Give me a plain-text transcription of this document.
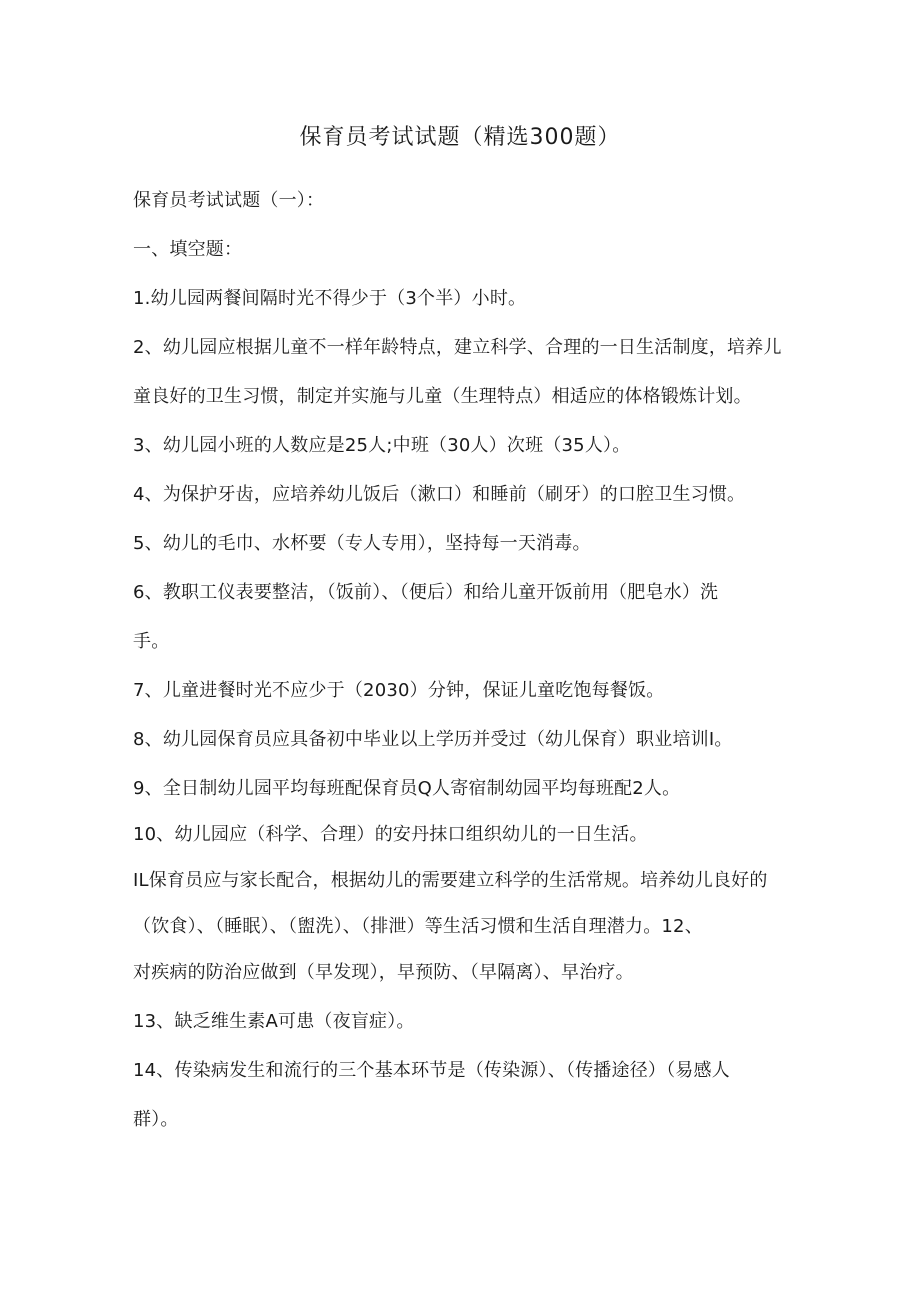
保育员考试试题（精选300题）
保育员考试试题（一）：
一、填空题：
1.幼儿园两餐间隔时光不得少于（3个半）小时。
2、幼儿园应根据儿童不一样年龄特点，建立科学、合理的一日生活制度，培养儿
童良好的卫生习惯，制定并实施与儿童（生理特点）相适应的体格锻炼计划。
3、幼儿园小班的人数应是25人;中班（30人）次班（35人）。
4、为保护牙齿，应培养幼儿饭后（漱口）和睡前（刷牙）的口腔卫生习惯。
5、幼儿的毛巾、水杯要（专人专用），坚持每一天消毒。
6、教职工仪表要整洁，（饭前）、（便后）和给儿童开饭前用（肥皂水）洗
手。
7、儿童进餐时光不应少于（2030）分钟，保证儿童吃饱每餐饭。
8、幼儿园保育员应具备初中毕业以上学历并受过（幼儿保育）职业培训I。
9、全日制幼儿园平均每班配保育员Q人寄宿制幼园平均每班配2人。
10、幼儿园应（科学、合理）的安丹抹口组织幼儿的一日生活。
IL保育员应与家长配合，根据幼儿的需要建立科学的生活常规。培养幼儿良好的
（饮食）、（睡眠）、（盥洗）、（排泄）等生活习惯和生活自理潜力。12、
对疾病的防治应做到（早发现），早预防、（早隔离）、早治疗。
13、缺乏维生素A可患（夜盲症）。
14、传染病发生和流行的三个基本环节是（传染源）、（传播途径）（易感人
群）。
